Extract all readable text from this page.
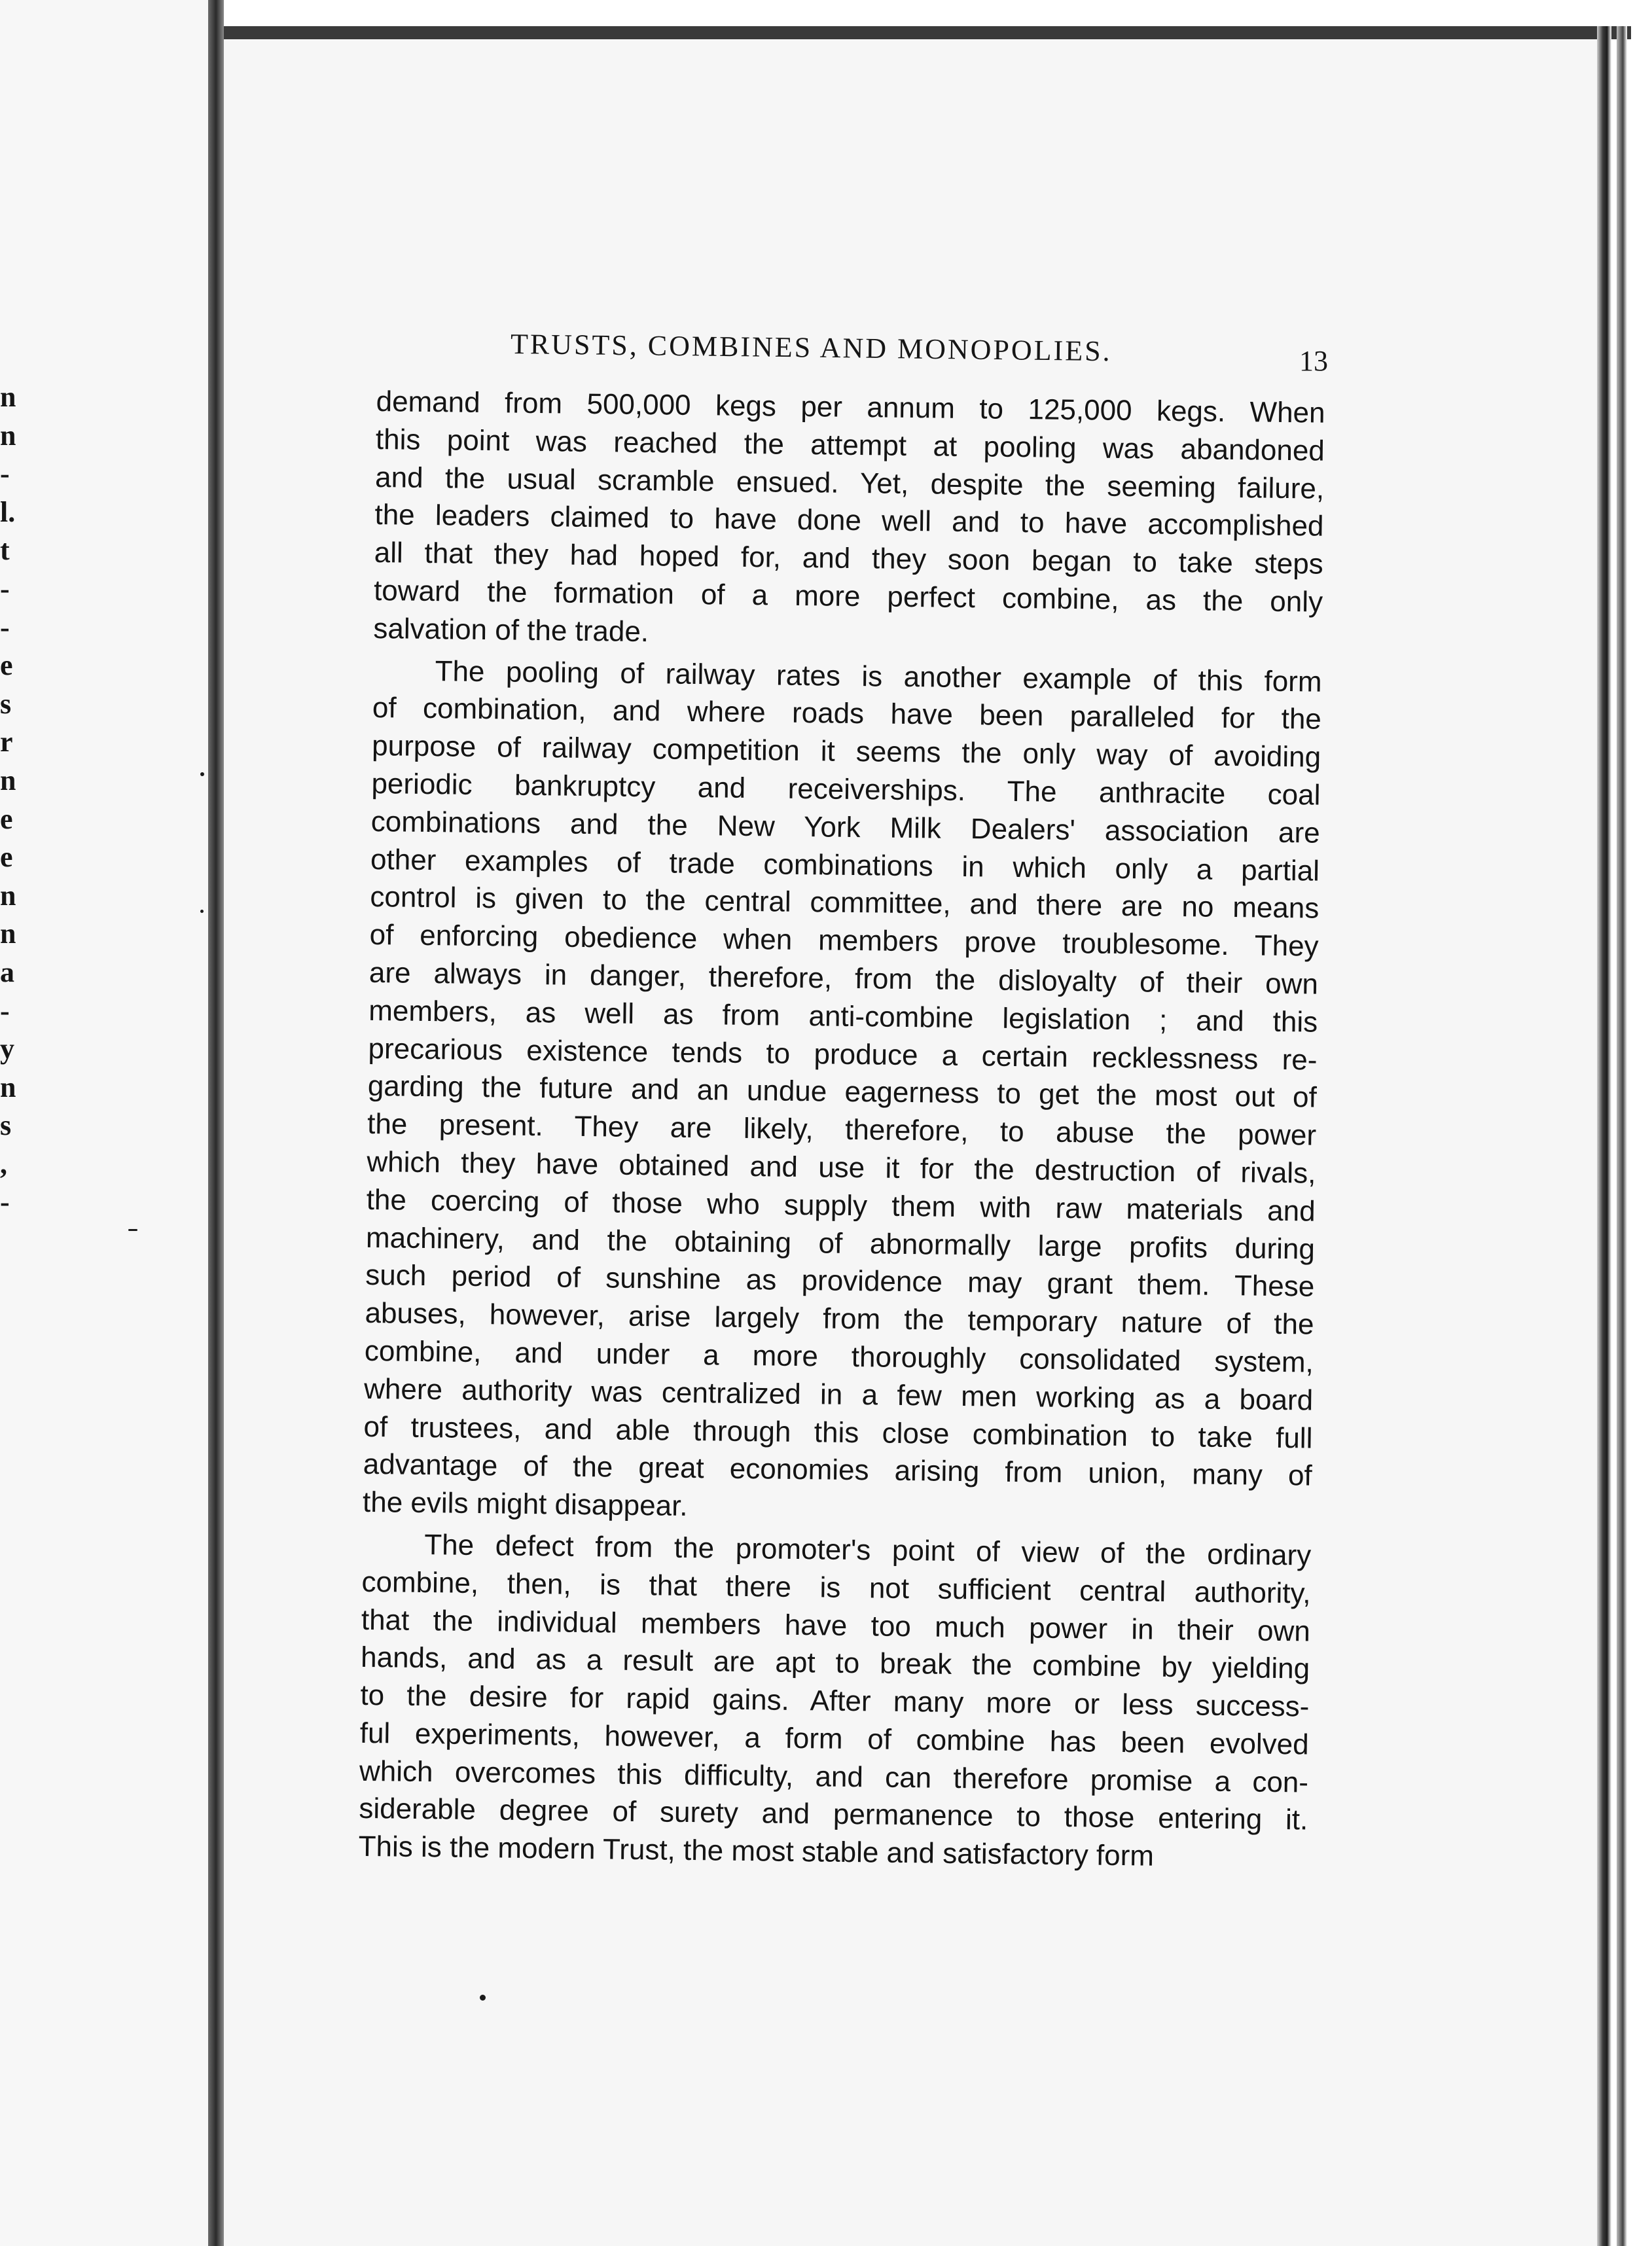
n
n
-
l.
t
-
-
e
s
r
n
e
e
n
n
a
-
y
n
s
,
-
TRUSTS, COMBINES AND MONOPOLIES.	13
demand from 500,000 kegs per annum to 125,000 kegs. When
this point was reached the attempt at pooling was abandoned
and the usual scramble ensued. Yet, despite the seeming failure,
the leaders claimed to have done well and to have accomplished
all that they had hoped for, and they soon began to take steps
toward the formation of a more perfect combine, as the only
salvation of the trade.
The pooling of railway rates is another example of this form
of combination, and where roads have been paralleled for the
purpose of railway competition it seems the only way of avoiding
periodic bankruptcy and receiverships. The anthracite coal
combinations and the New York Milk Dealers' association are
other examples of trade combinations in which only a partial
control is given to the central committee, and there are no means
of enforcing obedience when members prove troublesome. They
are always in danger, therefore, from the disloyalty of their own
members, as well as from anti-combine legislation ; and this
precarious existence tends to produce a certain recklessness re-
garding the future and an undue eagerness to get the most out of
the present. They are likely, therefore, to abuse the power
which they have obtained and use it for the destruction of rivals,
the coercing of those who supply them with raw materials and
machinery, and the obtaining of abnormally large profits during
such period of sunshine as providence may grant them. These
abuses, however, arise largely from the temporary nature of the
combine, and under a more thoroughly consolidated system,
where authority was centralized in a few men working as a board
of trustees, and able through this close combination to take full
advantage of the great economies arising from union, many of
the evils might disappear.
The defect from the promoter's point of view of the ordinary
combine, then, is that there is not sufficient central authority,
that the individual members have too much power in their own
hands, and as a result are apt to break the combine by yielding
to the desire for rapid gains. After many more or less success-
ful experiments, however, a form of combine has been evolved
which overcomes this difficulty, and can therefore promise a con-
siderable degree of surety and permanence to those entering it.
This is the modern Trust, the most stable and satisfactory form
